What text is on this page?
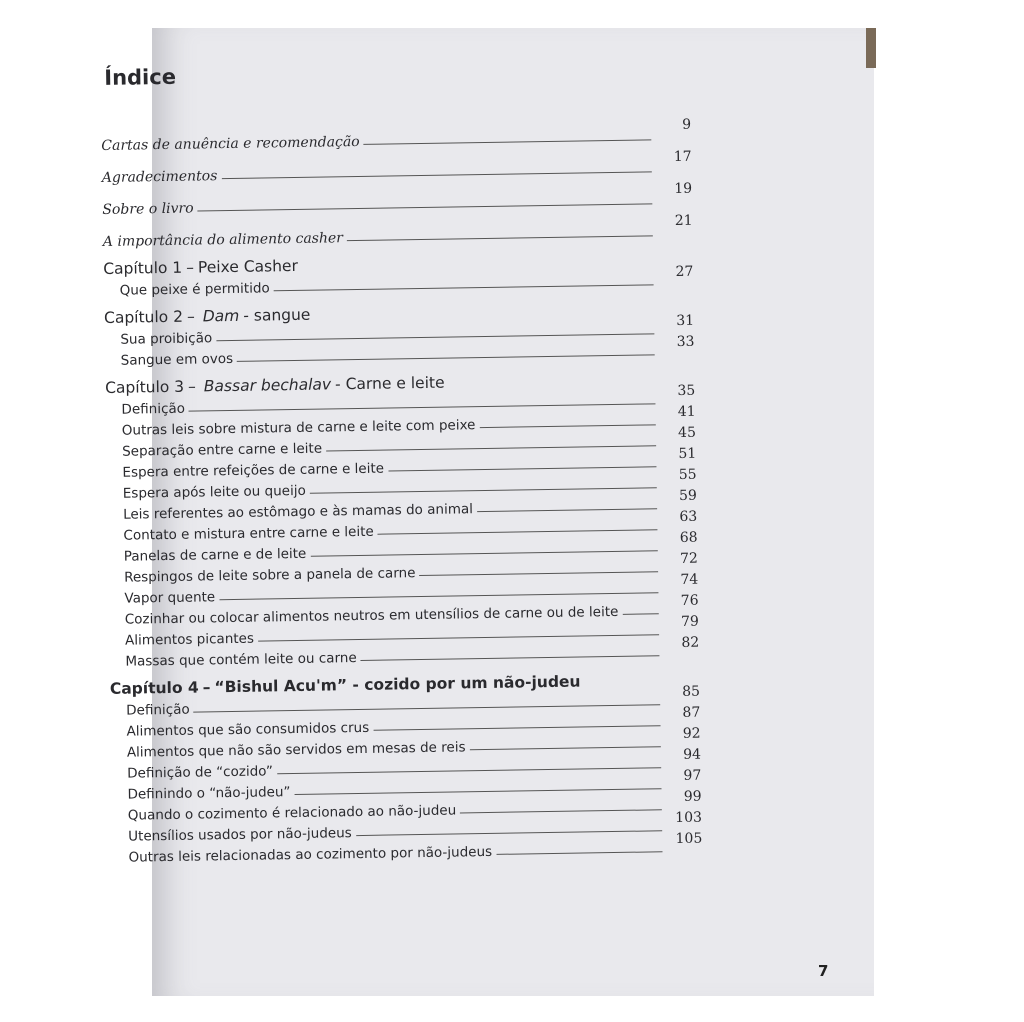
Índice
Cartas de anuência e recomendação
9
Agradecimentos
17
Sobre o livro
19
A importância do alimento casher
21
Capítulo 1 – Peixe Casher
Que peixe é permitido
27
Capítulo 2 – Dam - sangue
Sua proibição
31
Sangue em ovos
33
Capítulo 3 – Bassar bechalav - Carne e leite
Definição
35
Outras leis sobre mistura de carne e leite com peixe
41
Separação entre carne e leite
45
Espera entre refeições de carne e leite
51
Espera após leite ou queijo
55
Leis referentes ao estômago e às mamas do animal
59
Contato e mistura entre carne e leite
63
Panelas de carne e de leite
68
Respingos de leite sobre a panela de carne
72
Vapor quente
74
Cozinhar ou colocar alimentos neutros em utensílios de carne ou de leite
76
Alimentos picantes
79
Massas que contém leite ou carne
82
Capítulo 4 – “Bishul Acu'm” - cozido por um não-judeu
Definição
85
Alimentos que são consumidos crus
87
Alimentos que não são servidos em mesas de reis
92
Definição de “cozido”
94
Definindo o “não-judeu”
97
Quando o cozimento é relacionado ao não-judeu
99
Utensílios usados por não-judeus
103
Outras leis relacionadas ao cozimento por não-judeus
105
7
